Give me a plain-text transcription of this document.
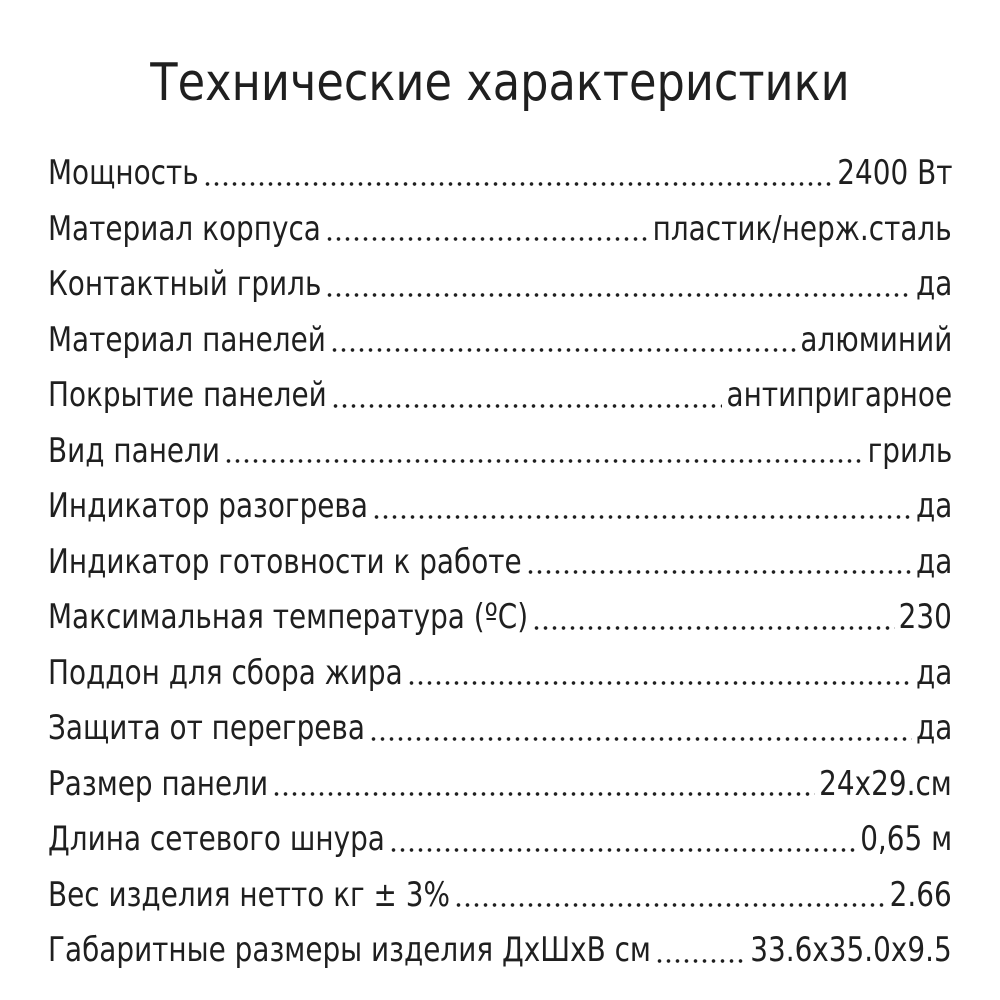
Технические характеристики
Мощность	2400 Вт
Материал корпуса	пластик/нерж.сталь
Контактный гриль	да
Материал панелей	алюминий
Покрытие панелей	антипригарное
Вид панели	гриль
Индикатор разогрева	да
Индикатор готовности к работе	да
Максимальная температура (ºС)	230
Поддон для сбора жира	да
Защита от перегрева	да
Размер панели	24x29.см
Длина сетевого шнура	0,65 м
Вес изделия нетто кг ± 3%	2.66
Габаритные размеры изделия ДхШхВ см	33.6x35.0x9.5
